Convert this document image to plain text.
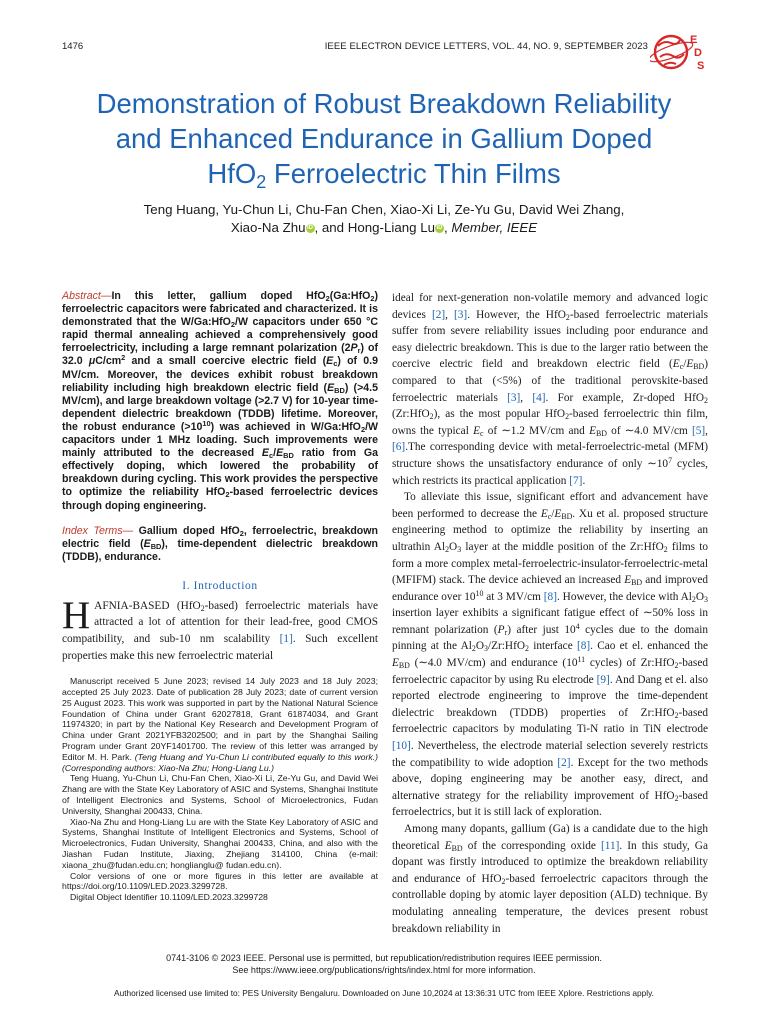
1476	IEEE ELECTRON DEVICE LETTERS, VOL. 44, NO. 9, SEPTEMBER 2023
E
D
S
Demonstration of Robust Breakdown Reliability
and Enhanced Endurance in Gallium Doped
HfO$_2$ Ferroelectric Thin Films
Teng Huang, Yu-Chun Li, Chu-Fan Chen, Xiao-Xi Li, Ze-Yu Gu, David Wei Zhang,
Xiao-Na Zhu iD , and Hong-Liang Lu iD , Member, IEEE

Abstract—In this letter, gallium doped HfO$_2$(Ga:HfO$_2$) ferroelectric capacitors were fabricated and characterized. It is demonstrated that the W/Ga:HfO$_2$/W capacitors under 650 °C rapid thermal annealing achieved a comprehensively good ferroelectricity, including a large remnant polarization $(2P_r)$ of 32.0 $\mu C/cm^2$ and a small coercive electric field $(E_c)$ of 0.9 MV/cm. Moreover, the devices exhibit robust breakdown reliability including high breakdown electric field $(E_{BD})$ (>4.5 MV/cm), and large breakdown voltage (>2.7 V) for 10-year time-dependent dielectric breakdown (TDDB) lifetime. Moreover, the robust endurance $(>10^{10})$ was achieved in W/Ga:HfO$_2$/W capacitors under 1 MHz loading. Such improvements were mainly attributed to the decreased $E_c/E_{BD}$ ratio from Ga effectively doping, which lowered the probability of breakdown during cycling. This work provides the perspective to optimize the reliability HfO$_2$-based ferroelectric devices through doping engineering.

Index Terms— Gallium doped HfO$_2$, ferroelectric, breakdown electric field $(E_{BD})$, time-dependent dielectric breakdown (TDDB), endurance.

I. Introduction

HAFNIA-BASED (HfO$_2$-based) ferroelectric materials have attracted a lot of attention for their lead-free, good CMOS compatibility, and sub-10 nm scalability [1]. Such excellent properties make this new ferroelectric material

Manuscript received 5 June 2023; revised 14 July 2023 and 18 July 2023; accepted 25 July 2023. Date of publication 28 July 2023; date of current version 25 August 2023. This work was supported in part by the National Natural Science Foundation of China under Grant 62027818, Grant 61874034, and Grant 11974320; in part by the National Key Research and Development Program of China under Grant 2021YFB3202500; and in part by the Shanghai Sailing Program under Grant 20YF1401700. The review of this letter was arranged by Editor M. H. Park. (Teng Huang and Yu-Chun Li contributed equally to this work.) (Corresponding authors: Xiao-Na Zhu; Hong-Liang Lu.)

Teng Huang, Yu-Chun Li, Chu-Fan Chen, Xiao-Xi Li, Ze-Yu Gu, and David Wei Zhang are with the State Key Laboratory of ASIC and Systems, Shanghai Institute of Intelligent Electronics and Systems, School of Microelectronics, Fudan University, Shanghai 200433, China.

Xiao-Na Zhu and Hong-Liang Lu are with the State Key Laboratory of ASIC and Systems, Shanghai Institute of Intelligent Electronics and Systems, School of Microelectronics, Fudan University, Shanghai 200433, China, and also with the Jiashan Fudan Institute, Jiaxing, Zhejiang 314100, China (e-mail: xiaona_zhu@fudan.edu.cn; honglianglu@ fudan.edu.cn).

Color versions of one or more figures in this letter are available at https://doi.org/10.1109/LED.2023.3299728.

Digital Object Identifier 10.1109/LED.2023.3299728

ideal for next-generation non-volatile memory and advanced logic devices [2], [3]. However, the HfO$_2$-based ferroelectric materials suffer from severe reliability issues including poor endurance and easy dielectric breakdown. This is due to the larger ratio between the coercive electric field and breakdown electric field $(E_c/E_{BD})$ compared to that (<5%) of the traditional perovskite-based ferroelectric materials [3], [4]. For example, Zr-doped HfO$_2$ (Zr:HfO$_2$), as the most popular HfO$_2$-based ferroelectric thin film, owns the typical $E_c$ of ∼1.2 MV/cm and $E_{BD}$ of ∼4.0 MV/cm [5], [6].The corresponding device with metal-ferroelectric-metal (MFM) structure shows the unsatisfactory endurance of only $\sim 10^7$ cycles, which restricts its practical application [7].

To alleviate this issue, significant effort and advancement have been performed to decrease the $E_c/E_{BD}$. Xu et al. proposed structure engineering method to optimize the reliability by inserting an ultrathin $Al_2O_3$ layer at the middle position of the Zr:HfO$_2$ films to form a more complex metal-ferroelectric-insulator-ferroelectric-metal (MFIFM) stack. The device achieved an increased $E_{BD}$ and improved endurance over $10^{10}$ at 3 MV/cm [8]. However, the device with $Al_2O_3$ insertion layer exhibits a significant fatigue effect of ∼50% loss in remnant polarization $(P_r)$ after just $10^4$ cycles due to the domain pinning at the $Al_2O_3/Zr:HfO_2$ interface [8]. Cao et el. enhanced the $E_{BD}$ (∼4.0 MV/cm) and endurance ($10^{11}$ cycles) of Zr:HfO$_2$-based ferroelectric capacitor by using Ru electrode [9]. And Dang et el. also reported electrode engineering to improve the time-dependent dielectric breakdown (TDDB) properties of Zr:HfO$_2$-based ferroelectric capacitors by modulating Ti-N ratio in TiN electrode [10]. Nevertheless, the electrode material selection severely restricts the compatibility to wide adoption [2]. Except for the two methods above, doping engineering may be another easy, direct, and alternative strategy for the reliability improvement of HfO$_2$-based ferroelectrics, but it is still lack of exploration.

Among many dopants, gallium (Ga) is a candidate due to the high theoretical $E_{BD}$ of the corresponding oxide [11]. In this study, Ga dopant was firstly introduced to optimize the breakdown reliability and endurance of HfO$_2$-based ferroelectric capacitors through the controllable doping by atomic layer deposition (ALD) technique. By modulating annealing temperature, the devices present robust breakdown reliability in

0741-3106 © 2023 IEEE. Personal use is permitted, but republication/redistribution requires IEEE permission.
See https://www.ieee.org/publications/rights/index.html for more information.
Authorized licensed use limited to: PES University Bengaluru. Downloaded on June 10,2024 at 13:36:31 UTC from IEEE Xplore. Restrictions apply.
